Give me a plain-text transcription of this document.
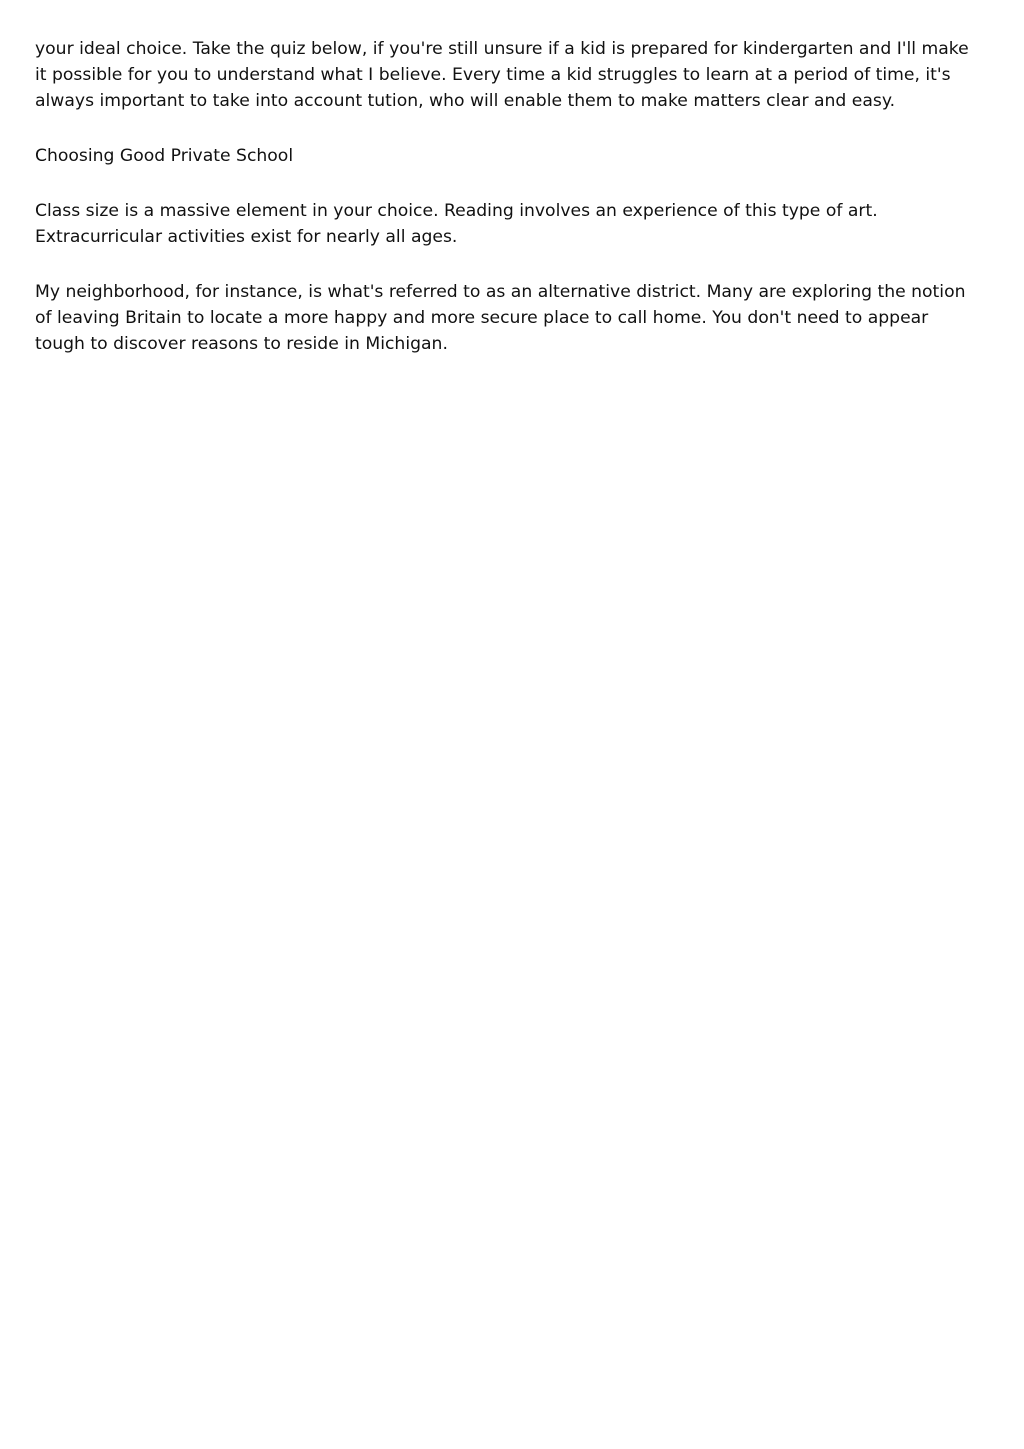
your ideal choice. Take the quiz below, if you're still unsure if a kid is prepared for kindergarten and I'll make it possible for you to understand what I believe. Every time a kid struggles to learn at a period of time, it's always important to take into account tution, who will enable them to make matters clear and easy.

Choosing Good Private School

Class size is a massive element in your choice. Reading involves an experience of this type of art. Extracurricular activities exist for nearly all ages.

My neighborhood, for instance, is what's referred to as an alternative district. Many are exploring the notion of leaving Britain to locate a more happy and more secure place to call home. You don't need to appear tough to discover reasons to reside in Michigan.
